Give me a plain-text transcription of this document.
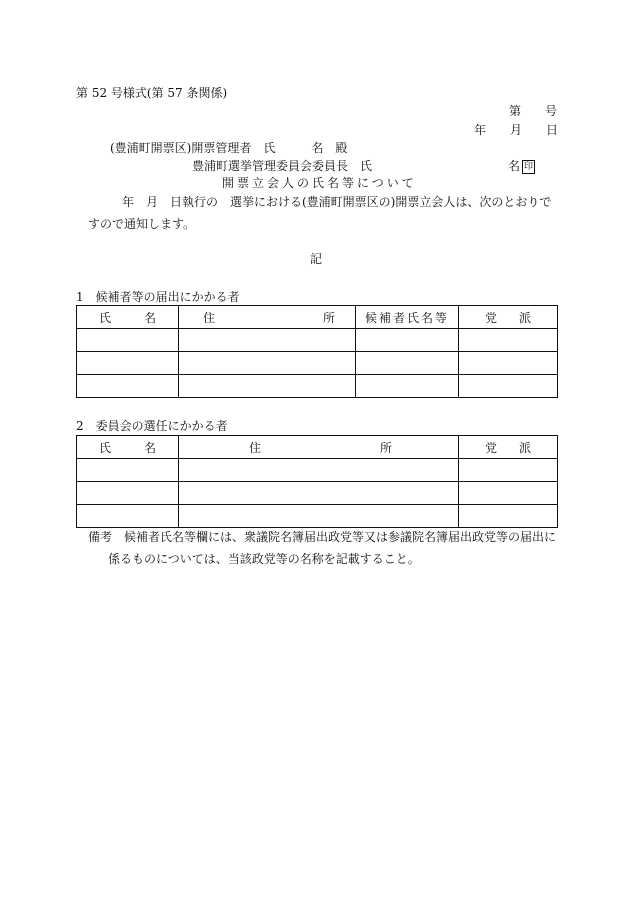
第 52 号様式(第 57 条関係)
第　　号
年　　月　　日
(豊浦町開票区)開票管理者　氏　　　名　殿
豊浦町選挙管理委員会委員長　氏	名 印
開票立会人の氏名等について
年　月　日執行の　選挙における(豊浦町開票区の)開票立会人は、次のとおりで
すので通知します。
記
1　候補者等の届出にかかる者
氏 名	住 所	候補者氏名等	党 派

2　委員会の選任にかかる者
氏 名	住 所	党 派

備考　候補者氏名等欄には、衆議院名簿届出政党等又は参議院名簿届出政党等の届出に
係るものについては、当該政党等の名称を記載すること。
